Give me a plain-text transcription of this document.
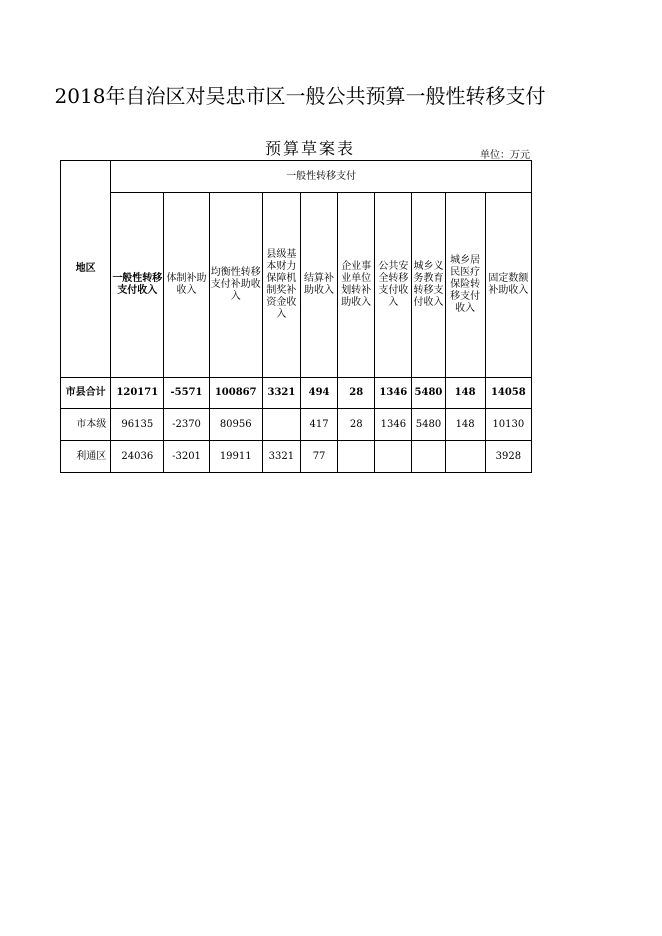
2018年自治区对吴忠市区一般公共预算一般性转移支付
预算草案表	单位：万元
地区	一般性转移支付									
	一般性转移支付收入	体制补助收入	均衡性转移支付补助收入	县级基本财力保障机制奖补资金收入	结算补助收入	企业事业单位划转补助收入	公共安全转移支付收入	城乡义务教育转移支付收入	城乡居民医疗保险转移支付收入	固定数额补助收入
市县合计	120171	-5571	100867	3321	494	28	1346	5480	148	14058
市本级	96135	-2370	80956		417	28	1346	5480	148	10130
利通区	24036	-3201	19911	3321	77					3928
